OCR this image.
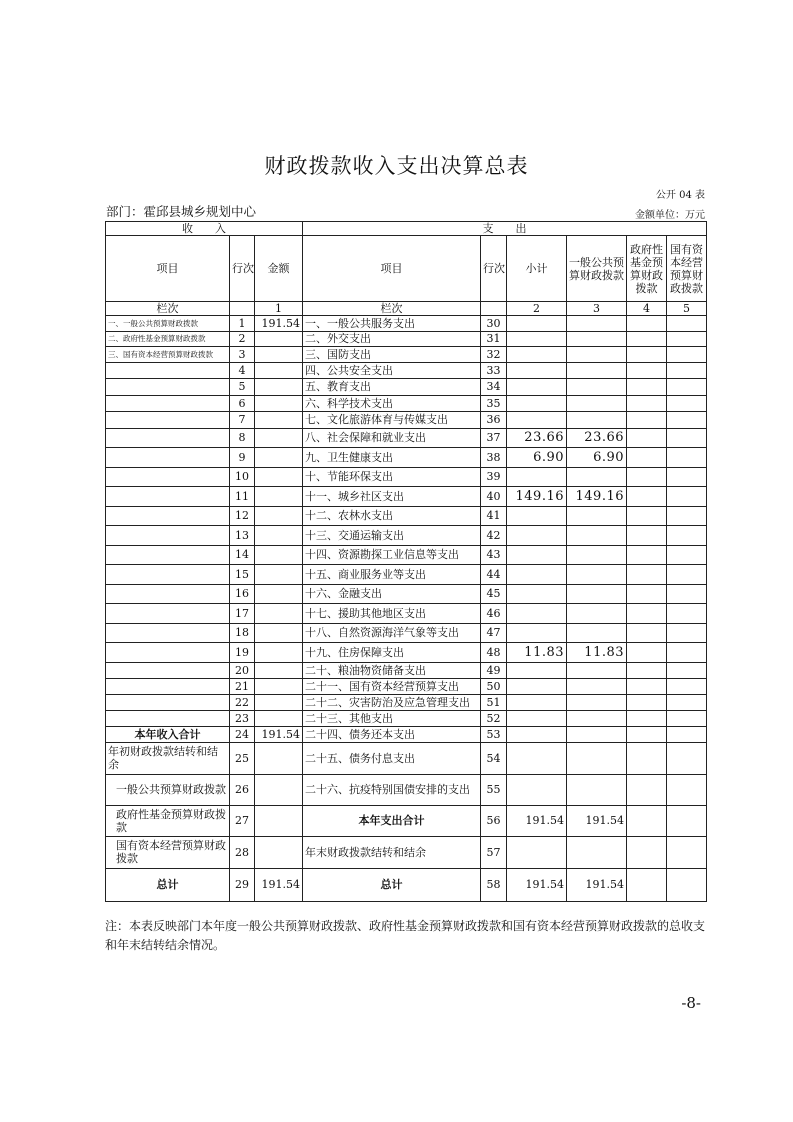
财政拨款收入支出决算总表
公开 04 表
部门：霍邱县城乡规划中心	金额单位：万元
收　　入			支　　出					
项目	行次	金额	项目	行次	小计	一般公共预算财政拨款	政府性基金预算财政拨款	国有资本经营预算财政拨款
栏次		1	栏次		2	3	4	5
一、一般公共预算财政拨款	1	191.54	一、一般公共服务支出	30				
二、政府性基金预算财政拨款	2		二、外交支出	31				
三、国有资本经营预算财政拨款	3		三、国防支出	32				
	4		四、公共安全支出	33				
	5		五、教育支出	34				
	6		六、科学技术支出	35				
	7		七、文化旅游体育与传媒支出	36				
	8		八、社会保障和就业支出	37	23.66	23.66		
	9		九、卫生健康支出	38	6.90	6.90		
	10		十、节能环保支出	39				
	11		十一、城乡社区支出	40	149.16	149.16		
	12		十二、农林水支出	41				
	13		十三、交通运输支出	42				
	14		十四、资源勘探工业信息等支出	43				
	15		十五、商业服务业等支出	44				
	16		十六、金融支出	45				
	17		十七、援助其他地区支出	46				
	18		十八、自然资源海洋气象等支出	47				
	19		十九、住房保障支出	48	11.83	11.83		
	20		二十、粮油物资储备支出	49				
	21		二十一、国有资本经营预算支出	50				
	22		二十二、灾害防治及应急管理支出	51				
	23		二十三、其他支出	52				
本年收入合计	24	191.54	二十四、债务还本支出	53				
年初财政拨款结转和结余	25		二十五、债务付息支出	54				
一般公共预算财政拨款	26		二十六、抗疫特别国债安排的支出	55				
政府性基金预算财政拨款	27		本年支出合计	56	191.54	191.54		
国有资本经营预算财政拨款	28		年末财政拨款结转和结余	57				
总计	29	191.54	总计	58	191.54	191.54		
注：本表反映部门本年度一般公共预算财政拨款、政府性基金预算财政拨款和国有资本经营预算财政拨款的总收支和年末结转结余情况。
-8-
